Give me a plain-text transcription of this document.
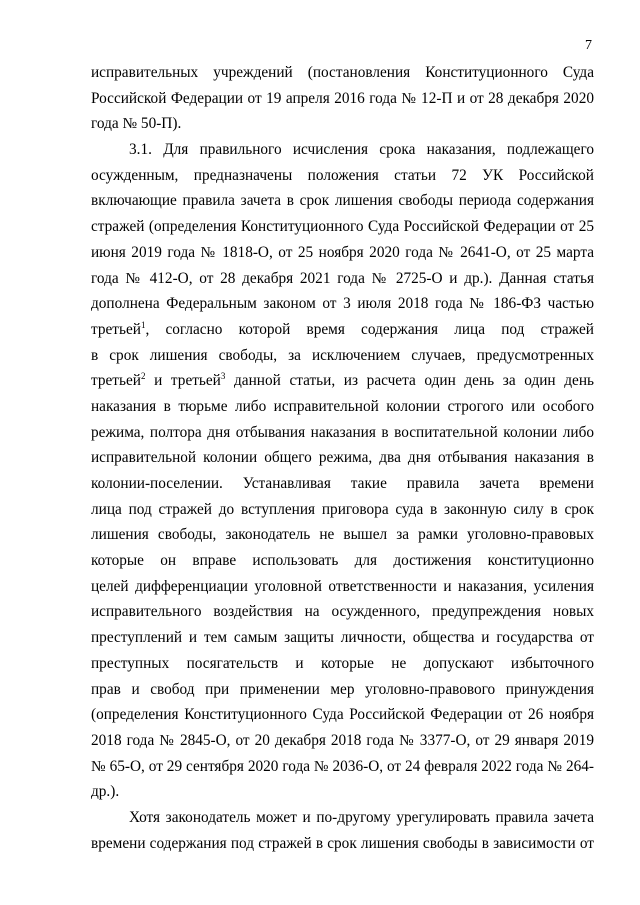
7
исправительных учреждений (постановления Конституционного Суда
Российской Федерации от 19 апреля 2016 года № 12-П и от 28 декабря 2020
года № 50-П).
3.1. Для правильного исчисления срока наказания, подлежащего
осужденным, предназначены положения статьи 72 УК Российской
включающие правила зачета в срок лишения свободы периода содержания
стражей (определения Конституционного Суда Российской Федерации от 25
июня 2019 года № 1818-О, от 25 ноября 2020 года № 2641-О, от 25 марта
года № 412-О, от 28 декабря 2021 года № 2725-О и др.). Данная статья
дополнена Федеральным законом от 3 июля 2018 года № 186-ФЗ частью
третьей$^1$, согласно которой время содержания лица под стражей
в срок лишения свободы, за исключением случаев, предусмотренных
третьей$^2$ и третьей$^3$ данной статьи, из расчета один день за один день
наказания в тюрьме либо исправительной колонии строгого или особого
режима, полтора дня отбывания наказания в воспитательной колонии либо
исправительной колонии общего режима, два дня отбывания наказания в
колонии-поселении. Устанавливая такие правила зачета времени
лица под стражей до вступления приговора суда в законную силу в срок
лишения свободы, законодатель не вышел за рамки уголовно-правовых
которые он вправе использовать для достижения конституционно
целей дифференциации уголовной ответственности и наказания, усиления
исправительного воздействия на осужденного, предупреждения новых
преступлений и тем самым защиты личности, общества и государства от
преступных посягательств и которые не допускают избыточного
прав и свобод при применении мер уголовно-правового принуждения
(определения Конституционного Суда Российской Федерации от 26 ноября
2018 года № 2845-О, от 20 декабря 2018 года № 3377-О, от 29 января 2019
№ 65-О, от 29 сентября 2020 года № 2036-О, от 24 февраля 2022 года № 264-
др.).
Хотя законодатель может и по-другому урегулировать правила зачета
времени содержания под стражей в срок лишения свободы в зависимости от
